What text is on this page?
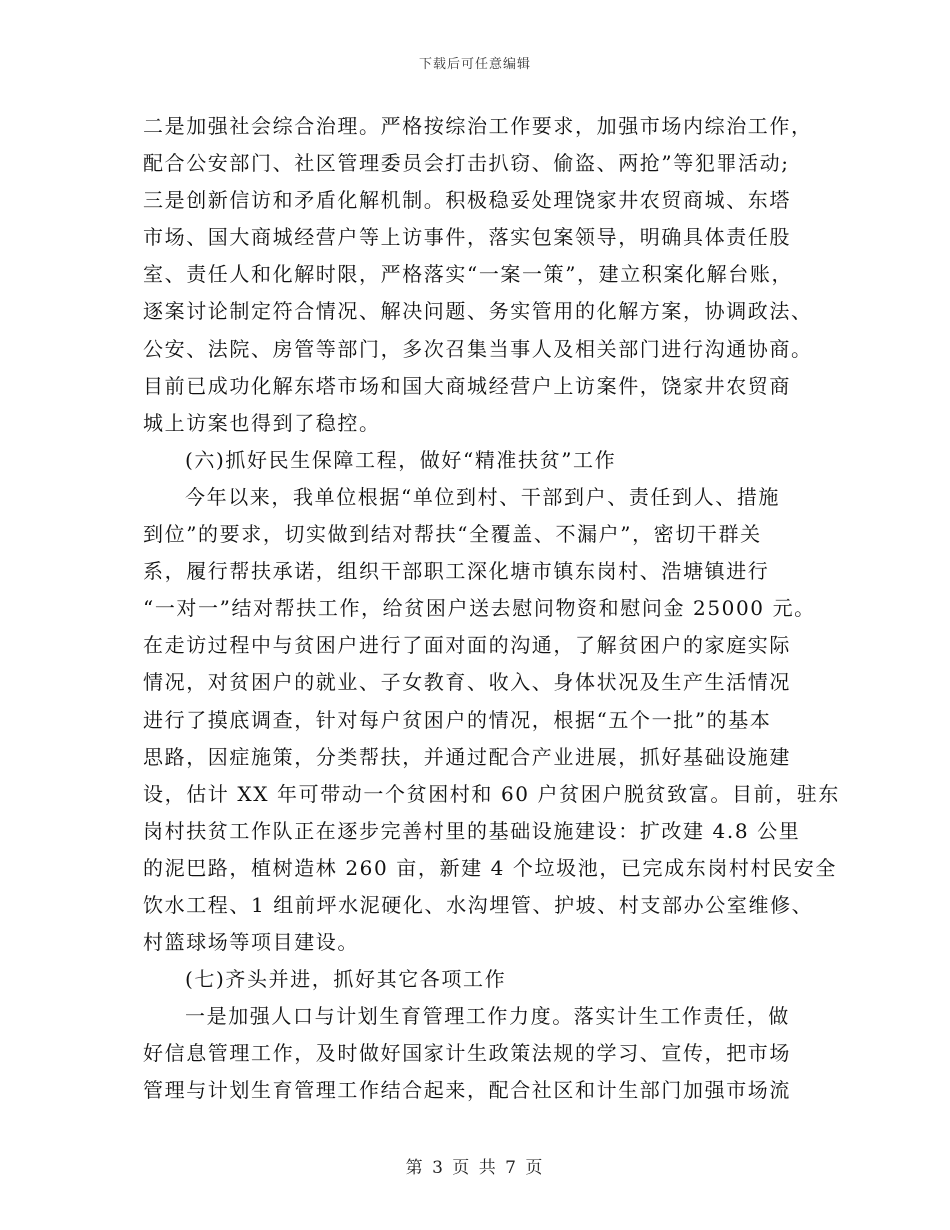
下载后可任意编辑
二是加强社会综合治理。严格按综治工作要求，加强市场内综治工作，
配合公安部门、社区管理委员会打击扒窃、偷盗、两抢”等犯罪活动;
三是创新信访和矛盾化解机制。积极稳妥处理饶家井农贸商城、东塔
市场、国大商城经营户等上访事件，落实包案领导，明确具体责任股
室、责任人和化解时限，严格落实“一案一策”，建立积案化解台账，
逐案讨论制定符合情况、解决问题、务实管用的化解方案，协调政法、
公安、法院、房管等部门，多次召集当事人及相关部门进行沟通协商。
目前已成功化解东塔市场和国大商城经营户上访案件，饶家井农贸商
城上访案也得到了稳控。
(六)抓好民生保障工程，做好“精准扶贫”工作
今年以来，我单位根据“单位到村、干部到户、责任到人、措施
到位”的要求，切实做到结对帮扶“全覆盖、不漏户”，密切干群关
系，履行帮扶承诺，组织干部职工深化塘市镇东岗村、浩塘镇进行
“一对一”结对帮扶工作，给贫困户送去慰问物资和慰问金 25000 元。
在走访过程中与贫困户进行了面对面的沟通，了解贫困户的家庭实际
情况，对贫困户的就业、子女教育、收入、身体状况及生产生活情况
进行了摸底调查，针对每户贫困户的情况，根据“五个一批”的基本
思路，因症施策，分类帮扶，并通过配合产业进展，抓好基础设施建
设，估计 XX 年可带动一个贫困村和 60 户贫困户脱贫致富。目前，驻东
岗村扶贫工作队正在逐步完善村里的基础设施建设：扩改建 4.8 公里
的泥巴路，植树造林 260 亩，新建 4 个垃圾池，已完成东岗村村民安全
饮水工程、1 组前坪水泥硬化、水沟埋管、护坡、村支部办公室维修、
村篮球场等项目建设。
(七)齐头并进，抓好其它各项工作
一是加强人口与计划生育管理工作力度。落实计生工作责任，做
好信息管理工作，及时做好国家计生政策法规的学习、宣传，把市场
管理与计划生育管理工作结合起来，配合社区和计生部门加强市场流
第 3 页 共 7 页
